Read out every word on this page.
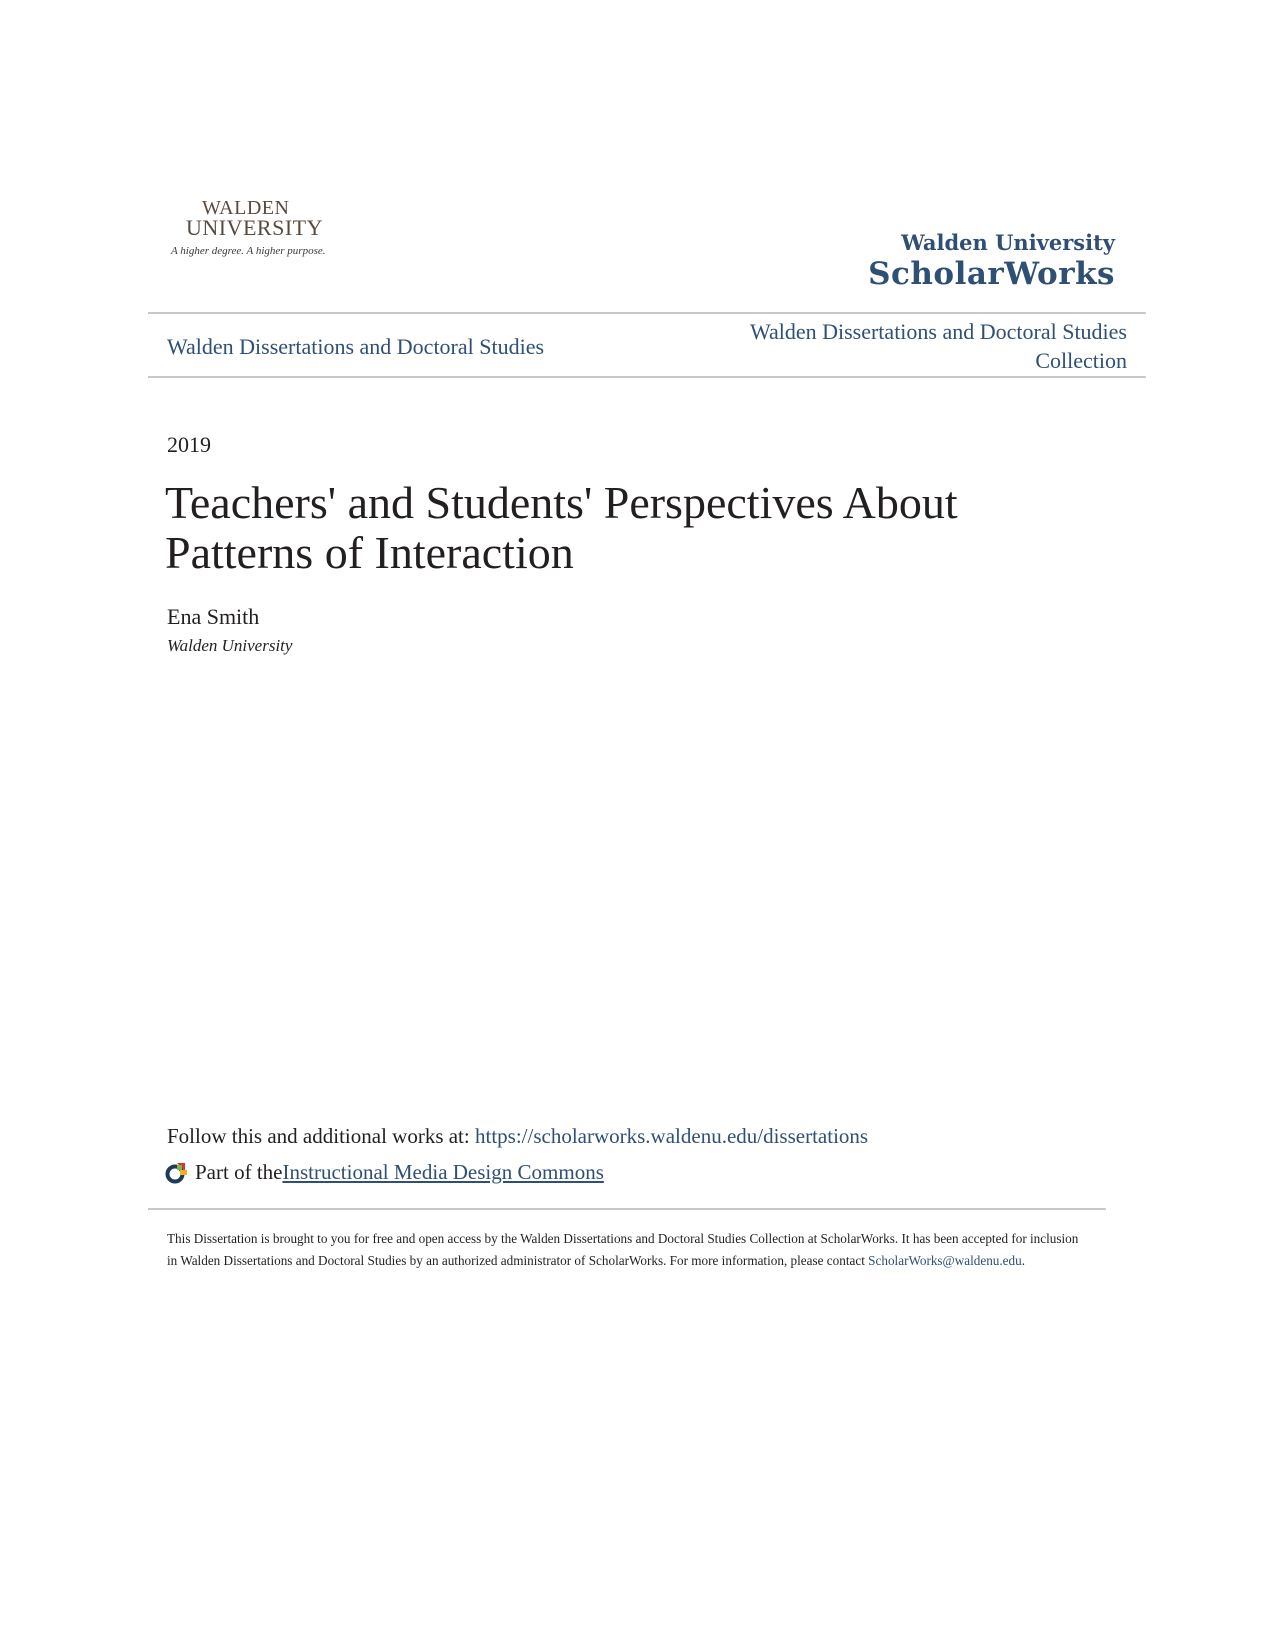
WALDEN
UNIVERSITY
A higher degree. A higher purpose.	Walden University
ScholarWorks
Walden Dissertations and Doctoral Studies
Walden Dissertations and Doctoral Studies Collection
2019
Teachers' and Students' Perspectives About Patterns of Interaction
Ena Smith
Walden University
Follow this and additional works at: https://scholarworks.waldenu.edu/dissertations
Part of the Instructional Media Design Commons
This Dissertation is brought to you for free and open access by the Walden Dissertations and Doctoral Studies Collection at ScholarWorks. It has been accepted for inclusion in Walden Dissertations and Doctoral Studies by an authorized administrator of ScholarWorks. For more information, please contact ScholarWorks@waldenu.edu.
